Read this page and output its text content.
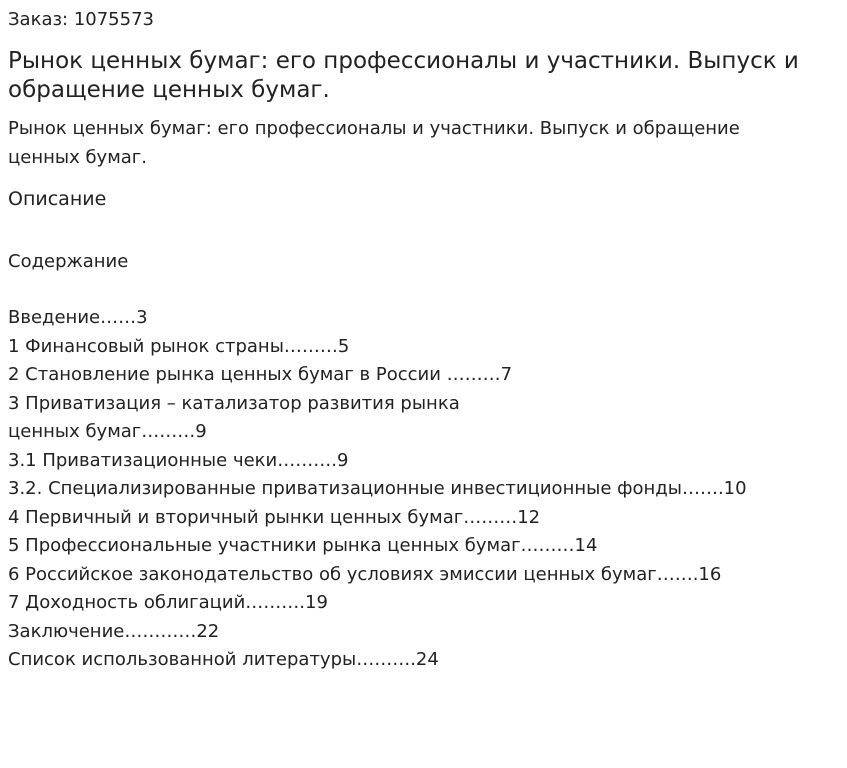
Заказ: 1075573
Рынок ценных бумаг: его профессионалы и участники. Выпуск и обращение ценных бумаг.

Рынок ценных бумаг: его профессионалы и участники. Выпуск и обращение ценных бумаг.

Описание
Содержание
Введение……3
1 Финансовый рынок страны………5
2 Становление рынка ценных бумаг в России ………7
3 Приватизация – катализатор развития рынка
ценных бумаг………9
3.1 Приватизационные чеки……….9
3.2. Специализированные приватизационные инвестиционные фонды…….10
4 Первичный и вторичный рынки ценных бумаг………12
5 Профессиональные участники рынка ценных бумаг………14
6 Российское законодательство об условиях эмиссии ценных бумаг…….16
7 Доходность облигаций……….19
Заключение…………22
Список использованной литературы……….24
